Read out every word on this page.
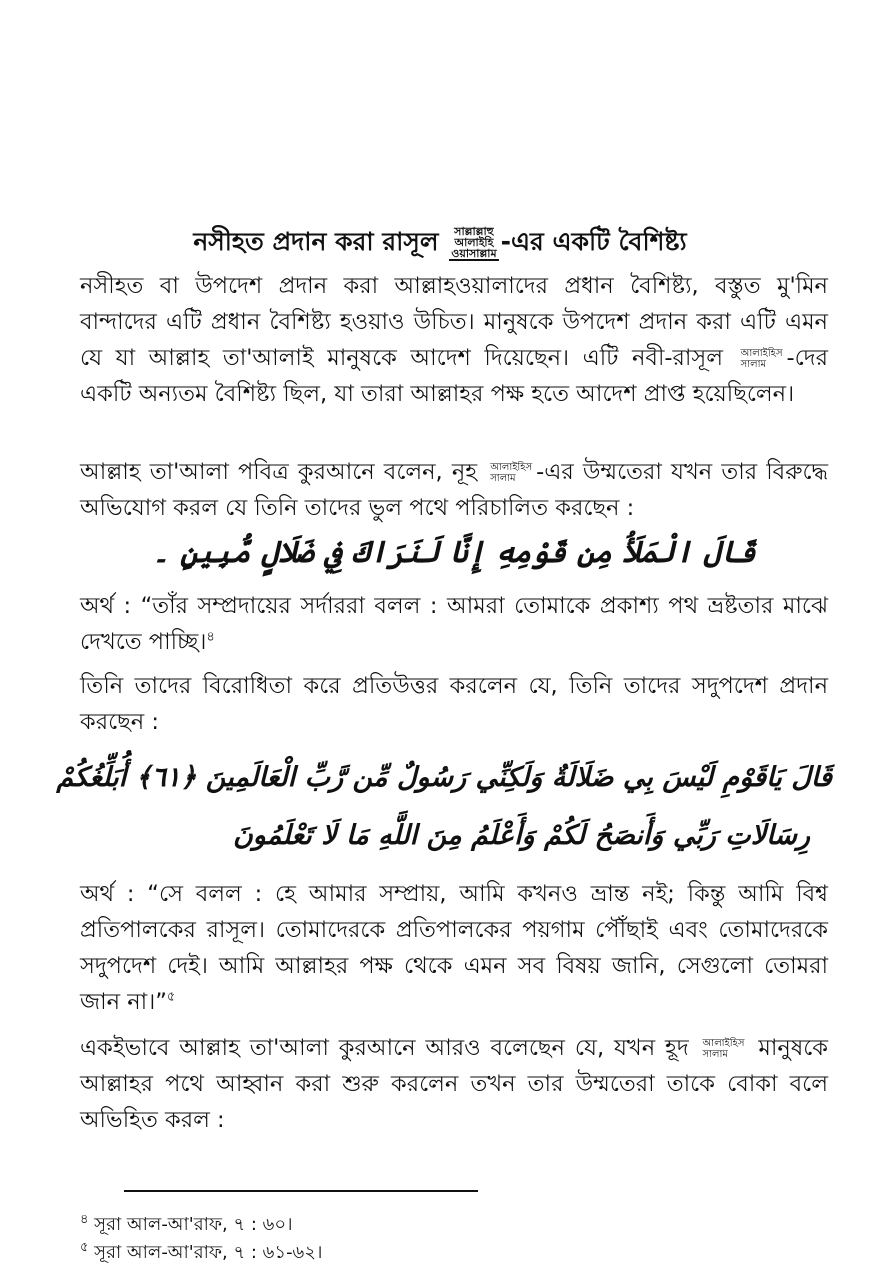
নসীহত প্রদান করা রাসূল সাল্লাল্লাহু
আলাইহি
ওয়াসাল্লাম -এর একটি বৈশিষ্ট্য
নসীহত বা উপদেশ প্রদান করা আল্লাহওয়ালাদের প্রধান বৈশিষ্ট্য, বস্তুত মু'মিন বান্দাদের এটি প্রধান বৈশিষ্ট্য হওয়াও উচিত। মানুষকে উপদেশ প্রদান করা এটি এমন যে যা আল্লাহ তা'আলাই মানুষকে আদেশ দিয়েছেন। এটি নবী-রাসূল আলাইহিস
সালাম -দের একটি অন্যতম বৈশিষ্ট্য ছিল, যা তারা আল্লাহর পক্ষ হতে আদেশ প্রাপ্ত হয়েছিলেন।
আল্লাহ তা'আলা পবিত্র কুরআনে বলেন, নূহ আলাইহিস
সালাম -এর উম্মতেরা যখন তার বিরুদ্ধে অভিযোগ করল যে তিনি তাদের ভুল পথে পরিচালিত করছেন :
قَالَ الْمَلَأُ مِن قَوْمِهِ إِنَّا لَنَرَاكَ فِي ضَلَالٍ مُّبِينٍ ۔
অর্থ : “তাঁর সম্প্রদায়ের সর্দাররা বলল : আমরা তোমাকে প্রকাশ্য পথ ভ্রষ্টতার মাঝে দেখতে পাচ্ছি।$^৪$
তিনি তাদের বিরোধিতা করে প্রতিউত্তর করলেন যে, তিনি তাদের সদুপদেশ প্রদান করছেন :
قَالَ يَاقَوْمِ لَيْسَ بِي ضَلَالَةٌ وَلَكِنِّي رَسُولٌ مِّن رَّبِّ الْعَالَمِينَ ﴿٦١﴾ أُبَلِّغُكُمْ
رِسَالَاتِ رَبِّي وَأَنصَحُ لَكُمْ وَأَعْلَمُ مِنَ اللَّهِ مَا لَا تَعْلَمُونَ
অর্থ : “সে বলল : হে আমার সম্প্রায়, আমি কখনও ভ্রান্ত নই; কিন্তু আমি বিশ্ব প্রতিপালকের রাসূল। তোমাদেরকে প্রতিপালকের পয়গাম পৌঁছাই এবং তোমাদেরকে সদুপদেশ দেই। আমি আল্লাহর পক্ষ থেকে এমন সব বিষয় জানি, সেগুলো তোমরা জান না।”$^৫$
একইভাবে আল্লাহ তা'আলা কুরআনে আরও বলেছেন যে, যখন হূদ আলাইহিস
সালাম	মানুষকে আল্লাহর পথে আহ্বান করা শুরু করলেন তখন তার উম্মতেরা তাকে বোকা বলে অভিহিত করল :
$^৪$ সূরা আল-আ'রাফ, ৭ : ৬০।
$^৫$ সূরা আল-আ'রাফ, ৭ : ৬১-৬২।
